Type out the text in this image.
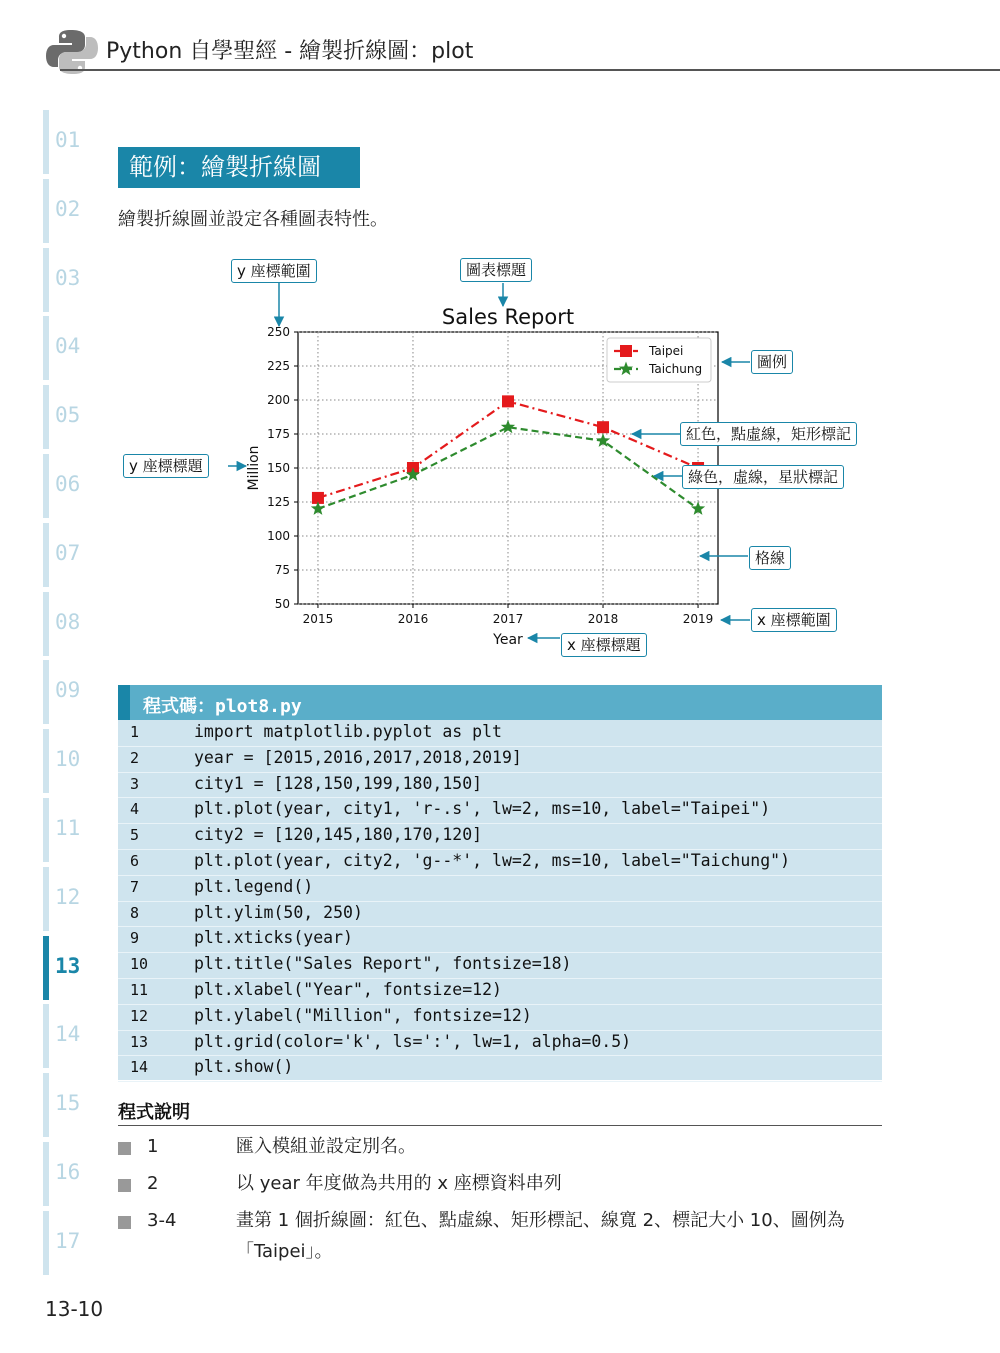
Python 自學聖經 - 繪製折線圖：plot
01
02
03
04
05
06
07
08
09
10
11
12
13
14
15
16
17
範例：繪製折線圖
繪製折線圖並設定各種圖表特性。
2015	2016	2017	2018	2019
50
75
100
125
150
175
200
225
250
Sales Report
Year
Million
Taipei
Taichung
y 座標範圍	圖表標題
圖例
紅色，點虛線，矩形標記
綠色，虛線，星狀標記
y 座標標題
格線
x 座標範圍
x 座標標題
程式碼：plot8.py
1	import matplotlib.pyplot as plt
2	year = [2015,2016,2017,2018,2019]
3	city1 = [128,150,199,180,150]
4	plt.plot(year, city1, 'r-.s', lw=2, ms=10, label="Taipei")
5	city2 = [120,145,180,170,120]
6	plt.plot(year, city2, 'g--*', lw=2, ms=10, label="Taichung")
7	plt.legend()
8	plt.ylim(50, 250)
9	plt.xticks(year)
10	plt.title("Sales Report", fontsize=18)
11	plt.xlabel("Year", fontsize=12)
12	plt.ylabel("Million", fontsize=12)
13	plt.grid(color='k', ls=':', lw=1, alpha=0.5)
14	plt.show()
程式說明
1	匯入模組並設定別名。
2	以 year 年度做為共用的 x 座標資料串列
3-4	畫第 1 個折線圖：紅色、點虛線、矩形標記、線寬 2、標記大小 10、圖例為「Taipei」。
13-10
